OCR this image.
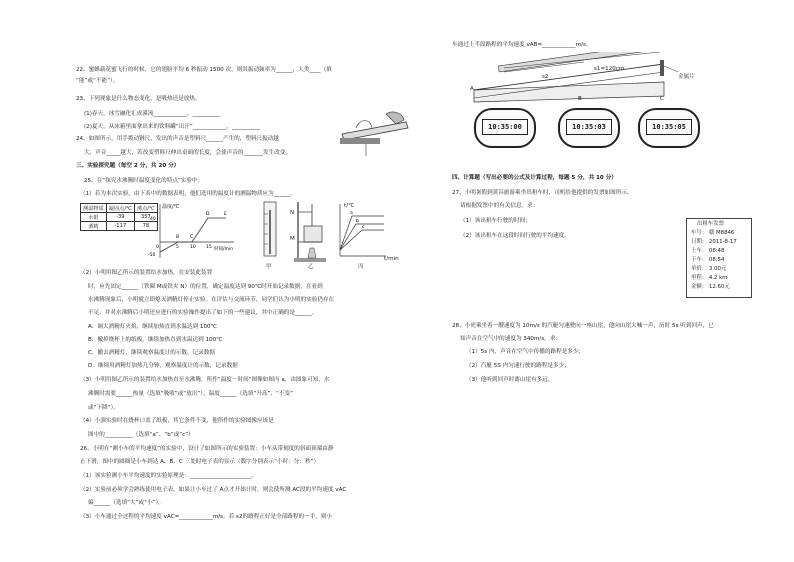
22、蜜蜂载花蜜飞行的时候，它的翅膀平均 6 秒振动 1500 次，则其振动频率为______，人类____（填
“能”或“不能”）。
23、下列现象是什么物态变化，是吸热还是放热。
(1)春天，冰雪融化汇成溪流____________，__________
(2)夏天，从冰箱里面拿出来的饮料罐“出汗”____________，__________
24、如图所示，用手拨动钢尺，发出的声音是塑料尺______产生的，塑料尺振动越
大，声音_____越大，若改变塑料尺伸出桌面的长度，会使声音的_______发生改变。
三、实验探究题（每空 2 分，共 20 分）
25、在“探究水沸腾时温度变化的特点”实验中：
（1）若为本次实验，由下表中的数据表明，他们选用的温度计的测温物质应为______。
测温物质	凝固点/℃	沸点/℃
水银	-39	357
酒精	-117	78
温度/℃
时间/min
40
-50
0	5 10 15
B C
D	E
甲
N
M
乙
a
b
c
t/℃
t/min
丙
（2）小明用图乙所示的装置给水加热，在安装此装置
时，应先固定______（铁圈 M或铁夹 N）的位置，确定温度达到 90℃时开始记录数据，在看到
水沸腾现象后，小明就立即熄灭酒精灯停止实验。在评估与交流环节，同学们认为小明的实验仍存在
不足，并对水沸腾后小明还应进行的实验操作提出了如下的一些建议，其中正确的是______。
A．调大酒精灯火焰，继续加热直到水温达到 100℃
B．撤掉烧杯上的纸板，继续加热直到水温达到 100℃
C．撤去酒精灯，继续观察温度计的示数，记录数据
D．继续用酒精灯加热几分钟，观察温度计的示数，记录数据
（3）小明用图乙所示的装置给水加热直至水沸腾，所作“温度－时间”图像如图丙 a，由图象可知，水
沸腾时需要______热量（选填“吸收”或“放出”），温度______（选填“升高”、“不变”
或“下降”）。
（4）小强实验时在烧杯口盖了纸板，其它条件不变，他所作的实验图像应该是
图中的__________（选填“a”、“b”或“c”）
26、小明在“测小车的平均速度”的实验中，设计了如图所示的实验装置：小车从带刻度的斜面顶端由静
止下滑，图中的圆圈是小车到达 A、B、C 三处时电子表的显示（数字分别表示“小时：分：秒”）
（1）该实验测小车平均速度的实验原理是：______________________。
（2）实验前必须学会熟练使用电子表，如果让小车过了 A点才开始计时，则会使所测 AC段的平均速度 vAC
偏______（选填“大”或“小”）。
（3）小车通过全过程的平均速度 vAC=____________m/s。若 s2的路程正好是全部路程的一半，则小
车通过上半段路程的平均速度 vAB=____________m/s。
s1=120cm
s2	金属片
A
B	C
10:35:00	10:35:03	10:35:05
四、计算题（写出必要的公式及计算过程，每题 5 分，共 10 分）
27、小明暑假到黄昌旅游乘坐出租车时，司机给他提供的发票如图所示，
请根据发票中的有关信息。求：
（1）该出租车行驶的时间；
（2）该出租车在这段时间行驶的平均速度。
出租车发票
车号： 赣 M8846
日期： 2011-8-17
上车： 08:48
下车： 08:54
单价： 3.00元
里程： 4.2 km
金额： 12.60元
28、小虎乘坐着一艘速度为 10m/s 的汽艇匀速驶向一座山崖，他向山崖大喊一声，历时 5s 听到回声，已
知声音在空气中的速度为 340m/s。求：
（1）5s 内，声音在空气中传播的路程是多少；
（2）汽艇 5S 内匀速行驶的路程是多少；
（3）他听到回声时离山崖有多远。
